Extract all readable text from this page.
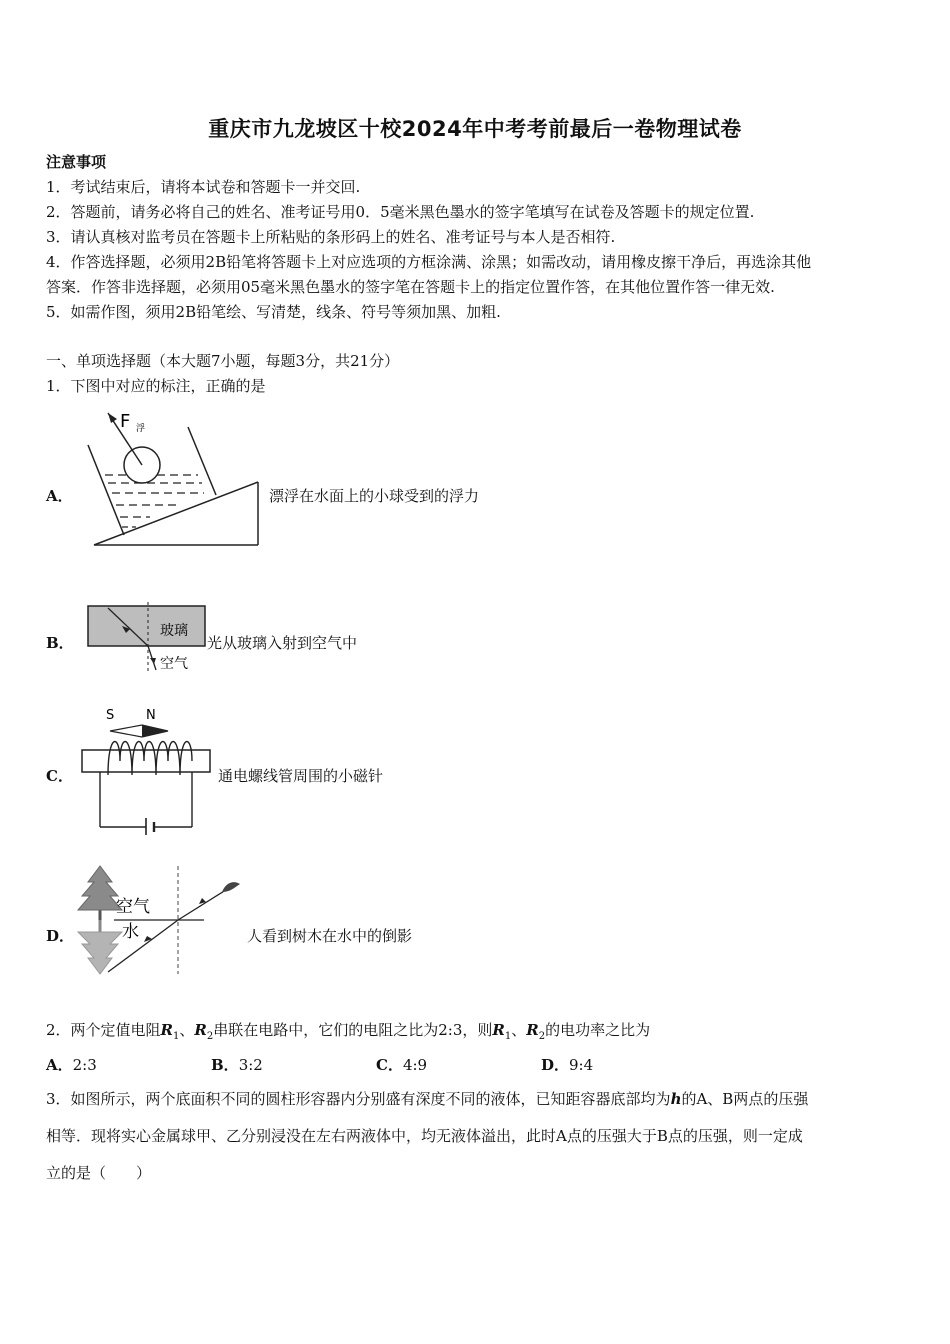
重庆市九龙坡区十校2024年中考考前最后一卷物理试卷
注意事项
1．考试结束后，请将本试卷和答题卡一并交回.
2．答题前，请务必将自己的姓名、准考证号用0．5毫米黑色墨水的签字笔填写在试卷及答题卡的规定位置.
3．请认真核对监考员在答题卡上所粘贴的条形码上的姓名、准考证号与本人是否相符.
4．作答选择题，必须用2B铅笔将答题卡上对应选项的方框涂满、涂黑；如需改动，请用橡皮擦干净后，再选涂其他
答案．作答非选择题，必须用05毫米黑色墨水的签字笔在答题卡上的指定位置作答，在其他位置作答一律无效.
5．如需作图，须用2B铅笔绘、写清楚，线条、符号等须加黑、加粗.
一、单项选择题（本大题7小题，每题3分，共21分）
1．下图中对应的标注，正确的是
A．
F 浮
漂浮在水面上的小球受到的浮力
B．
玻璃
空气
光从玻璃入射到空气中
C．
S N
通电螺线管周围的小磁针
D．
空气
水	人看到树木在水中的倒影
2．两个定值电阻$R_1$、$R_2$串联在电路中，它们的电阻之比为2:3，则$R_1$、$R_2$的电功率之比为
A．2:3	B．3:2	C．4:9	D．9:4
3．如图所示，两个底面积不同的圆柱形容器内分别盛有深度不同的液体，已知距容器底部均为h的A、B两点的压强
相等．现将实心金属球甲、乙分别浸没在左右两液体中，均无液体溢出，此时A点的压强大于B点的压强，则一定成
立的是（　　）
